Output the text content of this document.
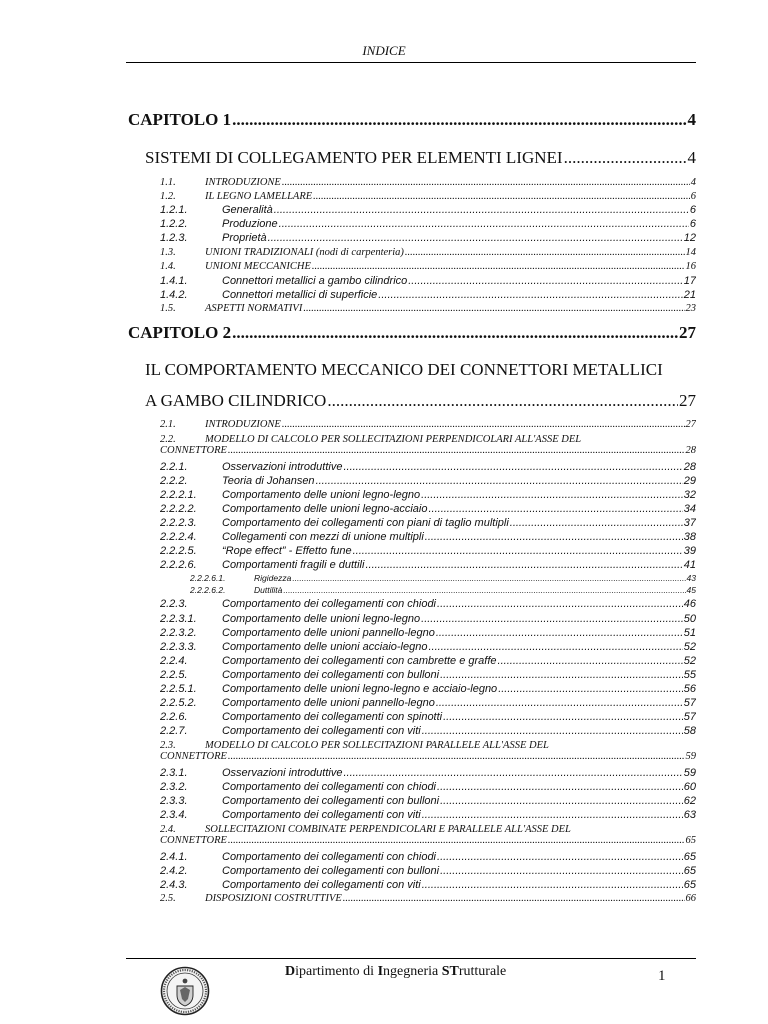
INDICE
CAPITOLO 1 .....	4
SISTEMI DI COLLEGAMENTO PER ELEMENTI LIGNEI .....	4
1.1.	INTRODUZIONE .....	4
1.2.	IL LEGNO LAMELLARE .....	6
1.2.1.	Generalità .....	6
1.2.2.	Produzione .....	6
1.2.3.	Proprietà .....	12
1.3.	UNIONI TRADIZIONALI (nodi di carpenteria) .....	14
1.4.	UNIONI MECCANICHE .....	16
1.4.1.	Connettori metallici a gambo cilindrico .....	17
1.4.2.	Connettori metallici di superficie .....	21
1.5.	ASPETTI NORMATIVI .....	23
CAPITOLO 2 .....	27
IL COMPORTAMENTO MECCANICO DEI CONNETTORI METALLICI
A GAMBO CILINDRICO .....	27
2.1.	INTRODUZIONE .....	27
2.2.	MODELLO DI CALCOLO PER SOLLECITAZIONI PERPENDICOLARI ALL'ASSE DEL
CONNETTORE .....	28
2.2.1.	Osservazioni introduttive .....	28
2.2.2.	Teoria di Johansen .....	29
2.2.2.1.	Comportamento delle unioni legno-legno .....	32
2.2.2.2.	Comportamento delle unioni legno-acciaio .....	34
2.2.2.3.	Comportamento dei collegamenti con piani di taglio multipli .....	37
2.2.2.4.	Collegamenti con mezzi di unione multipli .....	38
2.2.2.5.	“Rope effect” - Effetto fune .....	39
2.2.2.6.	Comportamenti fragili e duttili .....	41
2.2.2.6.1.	Rigidezza .....	43
2.2.2.6.2.	Duttilità .....	45
2.2.3.	Comportamento dei collegamenti con chiodi .....	46
2.2.3.1.	Comportamento delle unioni legno-legno .....	50
2.2.3.2.	Comportamento delle unioni pannello-legno .....	51
2.2.3.3.	Comportamento delle unioni acciaio-legno .....	52
2.2.4.	Comportamento dei collegamenti con cambrette e graffe .....	52
2.2.5.	Comportamento dei collegamenti con bulloni .....	55
2.2.5.1.	Comportamento delle unioni legno-legno e acciaio-legno .....	56
2.2.5.2.	Comportamento delle unioni pannello-legno .....	57
2.2.6.	Comportamento dei collegamenti con spinotti .....	57
2.2.7.	Comportamento dei collegamenti con viti .....	58
2.3.	MODELLO DI CALCOLO PER SOLLECITAZIONI PARALLELE ALL'ASSE DEL
CONNETTORE .....	59
2.3.1.	Osservazioni introduttive .....	59
2.3.2.	Comportamento dei collegamenti con chiodi .....	60
2.3.3.	Comportamento dei collegamenti con bulloni .....	62
2.3.4.	Comportamento dei collegamenti con viti .....	63
2.4.	SOLLECITAZIONI COMBINATE PERPENDICOLARI E PARALLELE ALL'ASSE DEL
CONNETTORE .....	65
2.4.1.	Comportamento dei collegamenti con chiodi .....	65
2.4.2.	Comportamento dei collegamenti con bulloni .....	65
2.4.3.	Comportamento dei collegamenti con viti .....	65
2.5.	DISPOSIZIONI COSTRUTTIVE .....	66
Dipartimento di Ingegneria STrutturale	1
